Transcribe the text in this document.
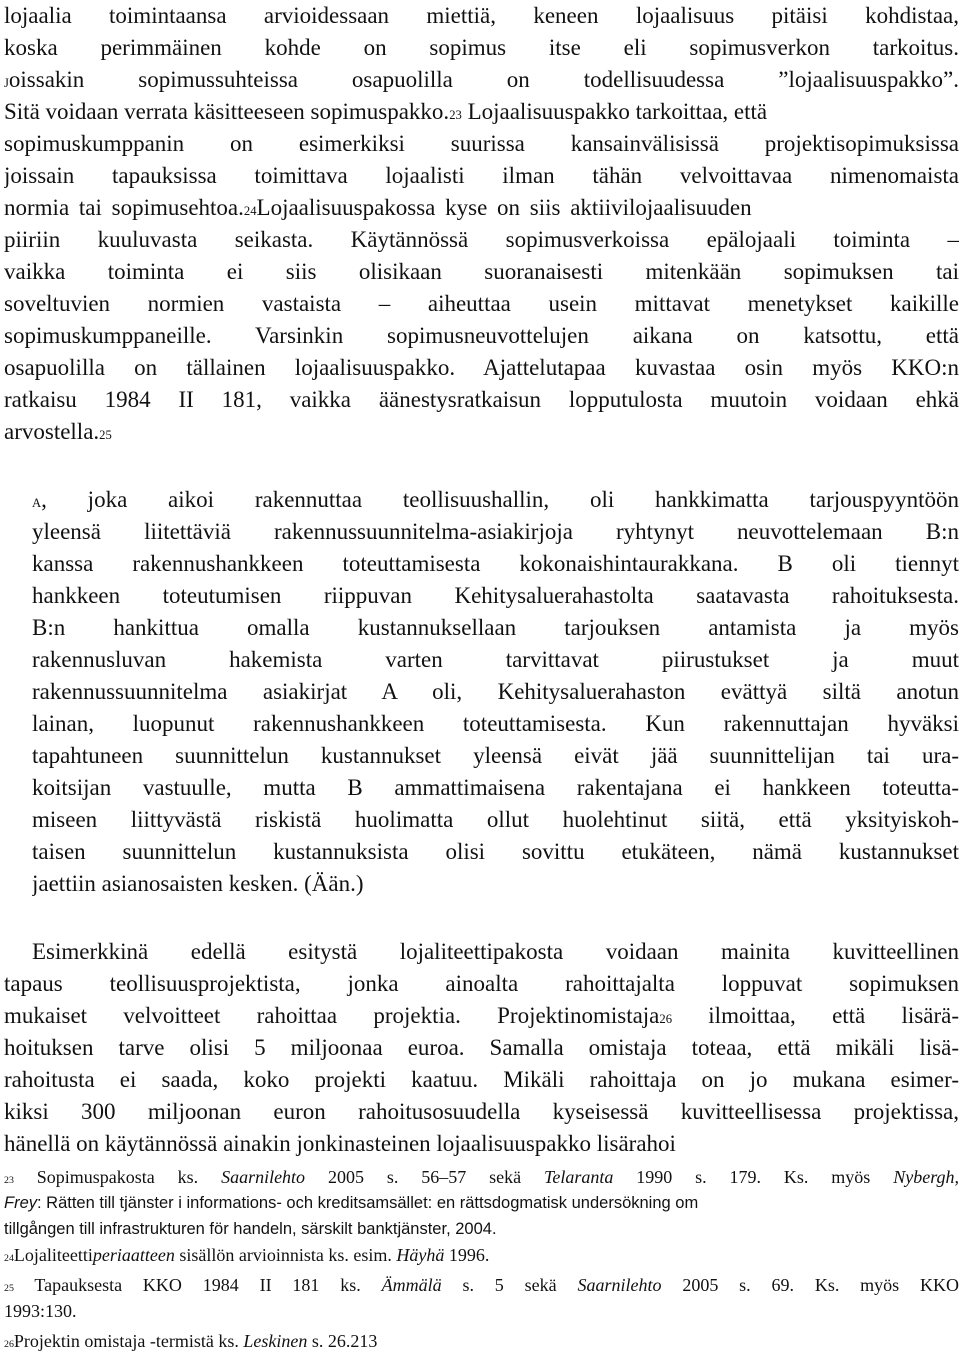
lojaalia toimintaansa arvioidessaan miettiä, keneen lojaalisuus pitäisi kohdistaa,
koska perimmäinen kohde on sopimus itse eli sopimusverkon tarkoitus.
Joissakin sopimussuhteissa osapuolilla on todellisuudessa ”lojaalisuuspakko”.
Sitä voidaan verrata käsitteeseen sopimuspakko.23 Lojaalisuuspakko tarkoittaa, että
sopimuskumppanin on esimerkiksi suurissa kansainvälisissä projektisopimuksissa
joissain tapauksissa toimittava lojaalisti ilman tähän velvoittavaa nimenomaista
normia tai sopimusehtoa.24Lojaalisuuspakossa kyse on siis aktiivilojaalisuuden
piiriin kuuluvasta seikasta. Käytännössä sopimusverkoissa epälojaali toiminta –
vaikka toiminta ei siis olisikaan suoranaisesti mitenkään sopimuksen tai
soveltuvien normien vastaista – aiheuttaa usein mittavat menetykset kaikille
sopimuskumppaneille. Varsinkin sopimusneuvottelujen aikana on katsottu, että
osapuolilla on tällainen lojaalisuuspakko. Ajattelutapaa kuvastaa osin myös KKO:n
ratkaisu 1984 II 181, vaikka äänestysratkaisun lopputulosta muutoin voidaan ehkä
arvostella.25
A, joka aikoi rakennuttaa teollisuushallin, oli hankkimatta tarjouspyyntöön
yleensä liitettäviä rakennussuunnitelma-asiakirjoja ryhtynyt neuvottelemaan B:n
kanssa rakennushankkeen toteuttamisesta kokonaishintaurakkana. B oli tiennyt
hankkeen toteutumisen riippuvan Kehitysaluerahastolta saatavasta rahoituksesta.
B:n hankittua omalla kustannuksellaan tarjouksen antamista ja myös
rakennusluvan hakemista varten tarvittavat piirustukset ja muut
rakennussuunnitelma asiakirjat A oli, Kehitysaluerahaston evättyä siltä anotun
lainan, luopunut rakennushankkeen toteuttamisesta. Kun rakennuttajan hyväksi
tapahtuneen suunnittelun kustannukset yleensä eivät jää suunnittelijan tai ura-
koitsijan vastuulle, mutta B ammattimaisena rakentajana ei hankkeen toteutta-
miseen liittyvästä riskistä huolimatta ollut huolehtinut siitä, että yksityiskoh-
taisen suunnittelun kustannuksista olisi sovittu etukäteen, nämä kustannukset
jaettiin asianosaisten kesken. (Ään.)
Esimerkkinä edellä esitystä lojaliteettipakosta voidaan mainita kuvitteellinen
tapaus teollisuusprojektista, jonka ainoalta rahoittajalta loppuvat sopimuksen
mukaiset velvoitteet rahoittaa projektia. Projektinomistaja26 ilmoittaa, että lisärä-
hoituksen tarve olisi 5 miljoonaa euroa. Samalla omistaja toteaa, että mikäli lisä-
rahoitusta ei saada, koko projekti kaatuu. Mikäli rahoittaja on jo mukana esimer-
kiksi 300 miljoonan euron rahoitusosuudella kyseisessä kuvitteellisessa projektissa,
hänellä on käytännössä ainakin jonkinasteinen lojaalisuuspakko lisärahoi
23 Sopimuspakosta ks. Saarnilehto 2005 s. 56–57 sekä Telaranta 1990 s. 179. Ks. myös Nybergh,
Frey: Rätten till tjänster i informations- och kreditsamsället: en rättsdogmatisk undersökning om
tillgången till infrastrukturen för handeln, särskilt banktjänster, 2004.
24Lojaliteettiperiaatteen sisällön arvioinnista ks. esim. Häyhä 1996.
25 Tapauksesta KKO 1984 II 181 ks. Ämmälä s. 5 sekä Saarnilehto 2005 s. 69. Ks. myös KKO
1993:130.
26Projektin omistaja -termistä ks. Leskinen s. 26.213
